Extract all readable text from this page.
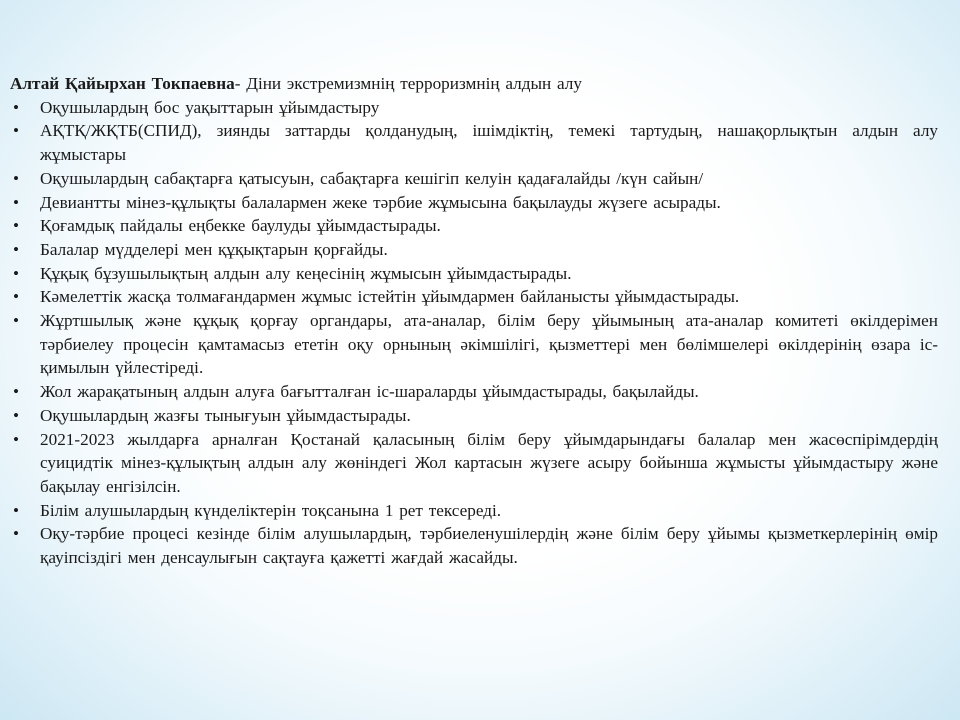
Алтай Қайырхан Токпаевна- Діни экстремизмнің терроризмнің алдын алу

• Оқушылардың бос уақыттарын ұйымдастыру
• АҚТҚ/ЖҚТБ(СПИД), зиянды заттарды қолданудың, ішімдіктің, темекі тартудың, нашақорлықтын алдын алу жұмыстары
• Оқушылардың сабақтарға қатысуын, сабақтарға кешігіп келуін қадағалайды /күн сайын/
• Девиантты мінез-құлықты балалармен жеке тәрбие жұмысына бақылауды жүзеге асырады.
• Қоғамдық пайдалы еңбекке баулуды ұйымдастырады.
• Балалар мүдделері мен құқықтарын қорғайды.
• Құқық бұзушылықтың алдын алу кеңесінің жұмысын ұйымдастырады.
• Кәмелеттік жасқа толмағандармен жұмыс істейтін ұйымдармен байланысты ұйымдастырады.
• Жұртшылық және құқық қорғау органдары, ата-аналар, білім беру ұйымының ата-аналар комитеті өкілдерімен тәрбиелеу процесін қамтамасыз ететін оқу орнының әкімшілігі, қызметтері мен бөлімшелері өкілдерінің өзара іс-қимылын үйлестіреді.
• Жол жарақатының алдын алуға бағытталған іс-шараларды ұйымдастырады, бақылайды.
• Оқушылардың жазғы тынығуын ұйымдастырады.
• 2021-2023 жылдарға арналған Қостанай қаласының білім беру ұйымдарындағы балалар мен жасөспірімдердің суицидтік мінез-құлықтың алдын алу жөніндегі Жол картасын жүзеге асыру бойынша жұмысты ұйымдастыру және бақылау енгізілсін.
• Білім алушылардың күнделіктерін тоқсанына 1 рет тексереді.
• Оқу-тәрбие процесі кезінде білім алушылардың, тәрбиеленушілердің және білім беру ұйымы қызметкерлерінің өмір қауіпсіздігі мен денсаулығын сақтауға қажетті жағдай жасайды.
